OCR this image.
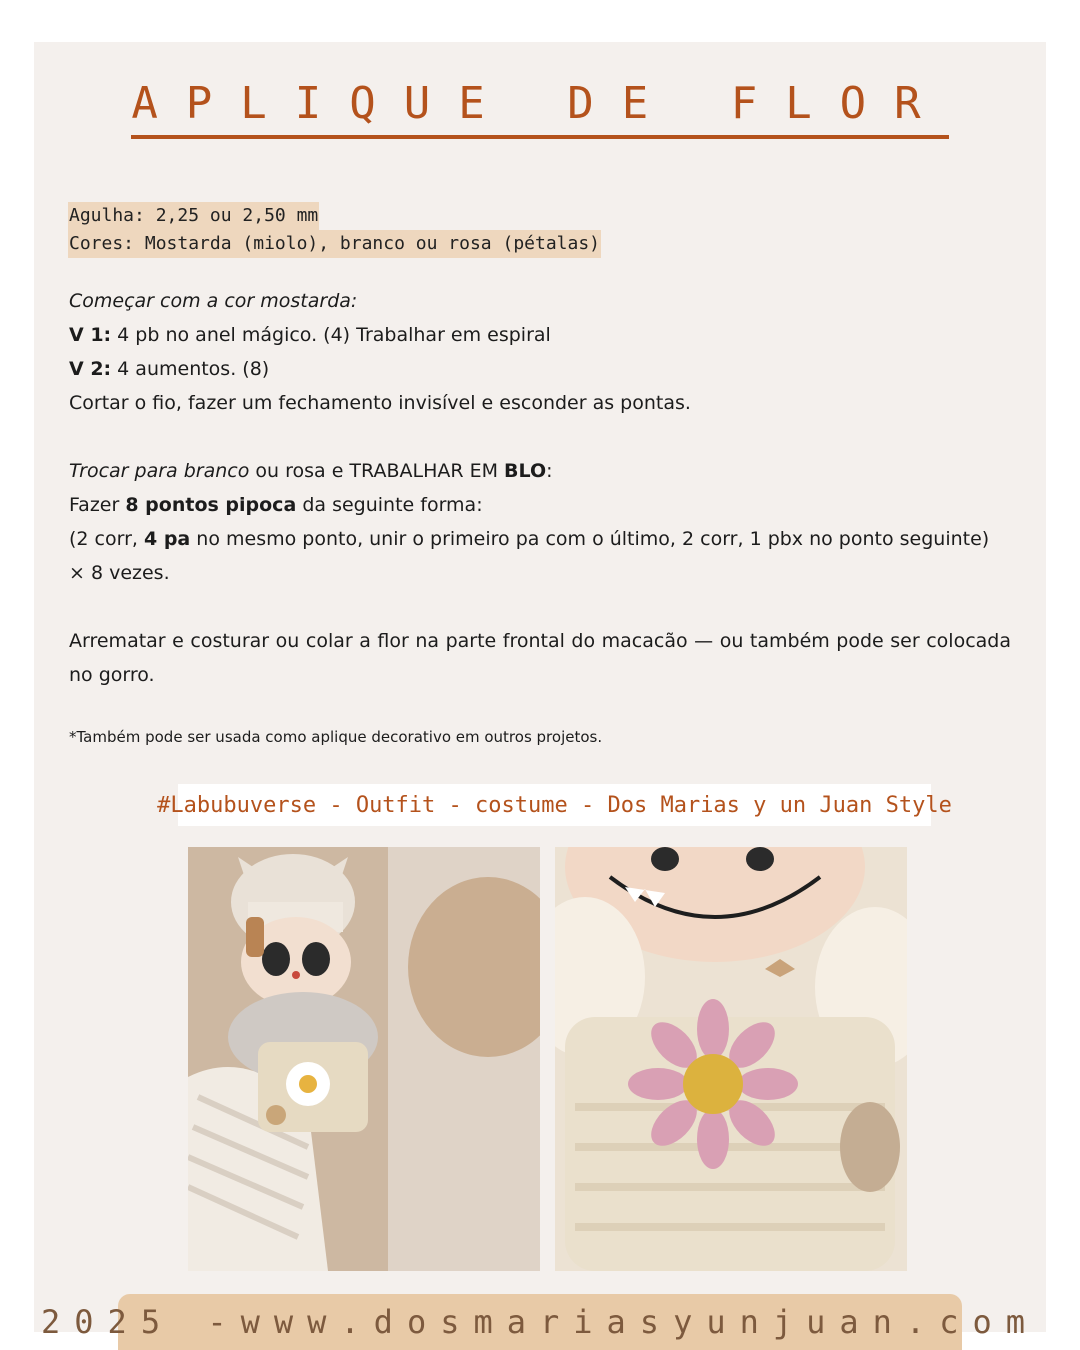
APLIQUE DE FLOR
Agulha: 2,25 ou 2,50 mm
Cores: Mostarda (miolo), branco ou rosa (pétalas)

Começar com a cor mostarda:

V 1: 4 pb no anel mágico. (4) Trabalhar em espiral

V 2: 4 aumentos. (8)

Cortar o fio, fazer um fechamento invisível e esconder as pontas.

Trocar para branco ou rosa e TRABALHAR EM BLO:

Fazer 8 pontos pipoca da seguinte forma:

(2 corr, 4 pa no mesmo ponto, unir o primeiro pa com o último, 2 corr, 1 pbx no ponto seguinte) × 8 vezes.

Arrematar e costurar ou colar a flor na parte frontal do macacão — ou também pode ser colocada no gorro.
*Também pode ser usada como aplique decorativo em outros projetos.
#Labubuverse - Outfit - costume - Dos Marias y un Juan Style
2025 -www.dosmariasyunjuan.com
